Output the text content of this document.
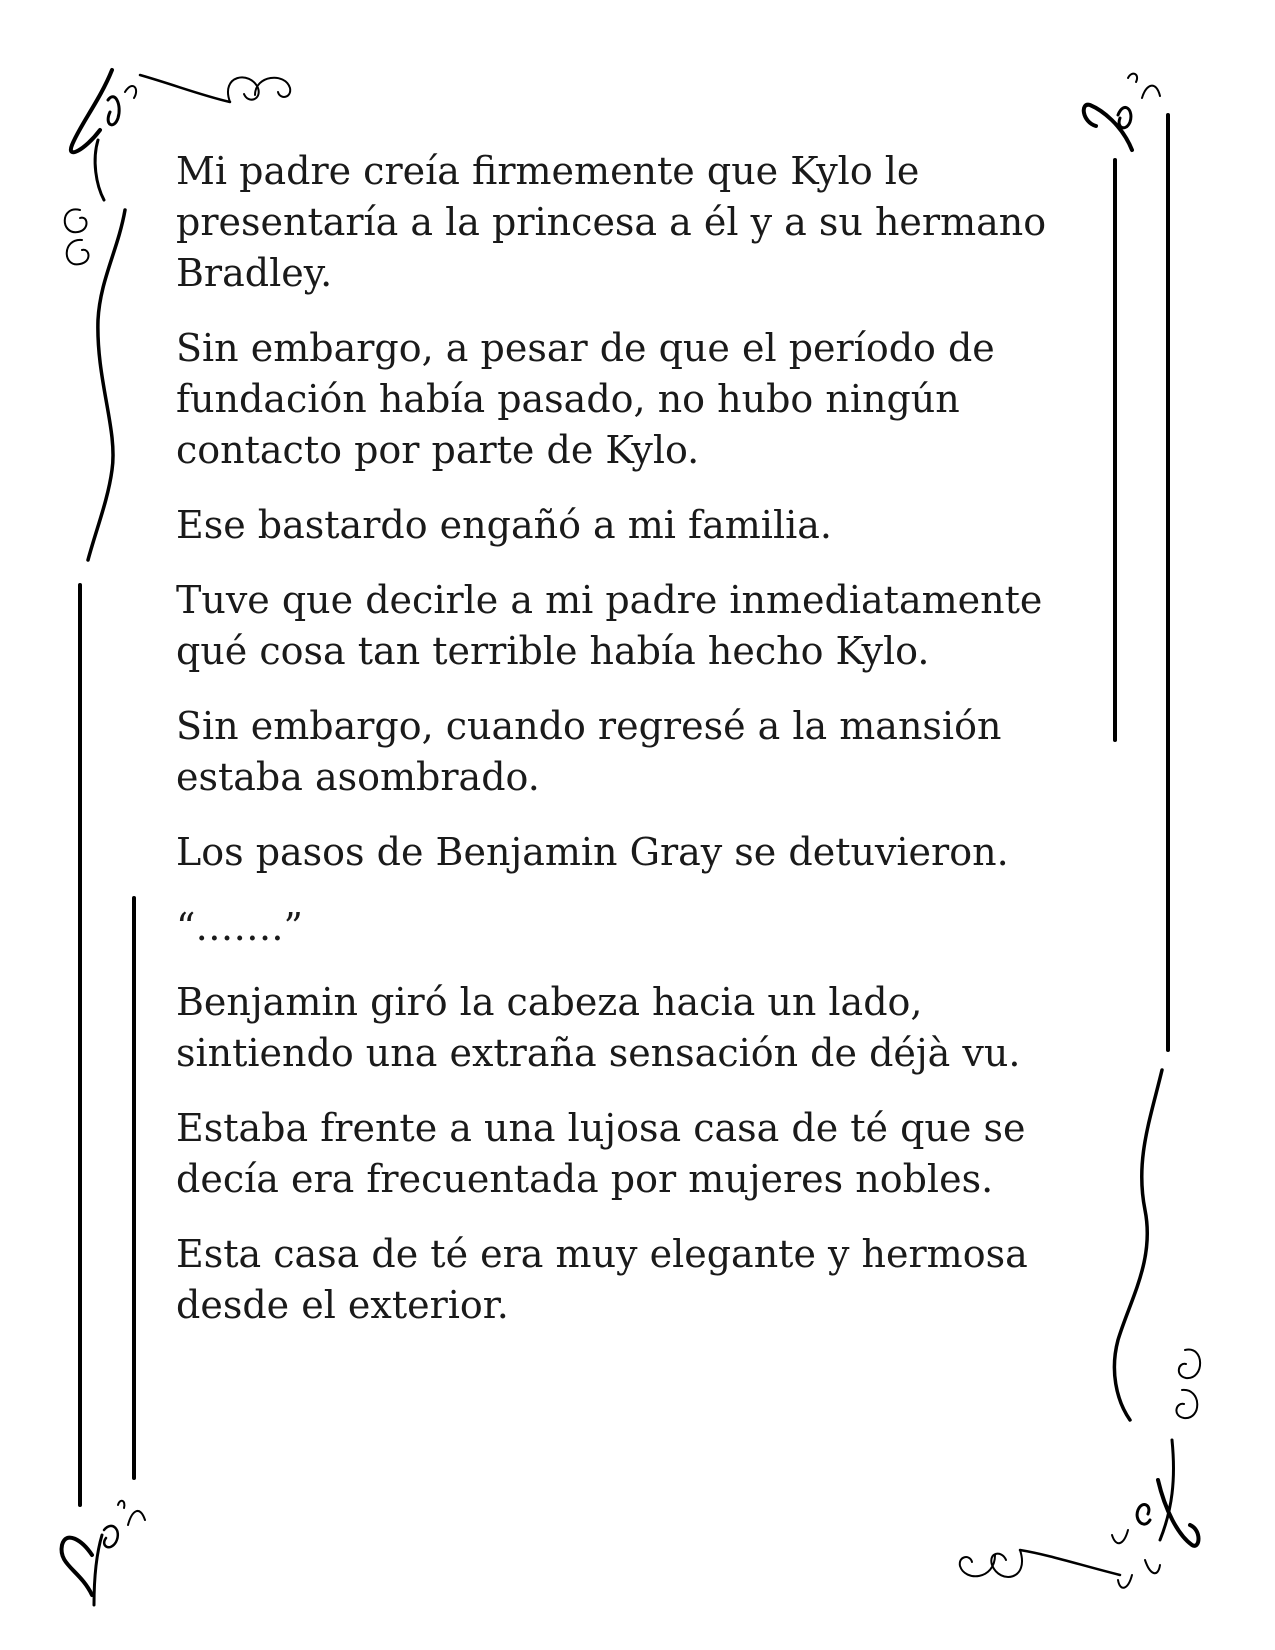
Mi padre creía firmemente que Kylo le presentaría a la princesa a él y a su hermano Bradley.

Sin embargo, a pesar de que el período de fundación había pasado, no hubo ningún contacto por parte de Kylo.

Ese bastardo engañó a mi familia.

Tuve que decirle a mi padre inmediatamente qué cosa tan terrible había hecho Kylo.

Sin embargo, cuando regresé a la mansión estaba asombrado.

Los pasos de Benjamin Gray se detuvieron.

“…….”

Benjamin giró la cabeza hacia un lado, sintiendo una extraña sensación de déjà vu.

Estaba frente a una lujosa casa de té que se decía era frecuentada por mujeres nobles.

Esta casa de té era muy elegante y hermosa desde el exterior.
